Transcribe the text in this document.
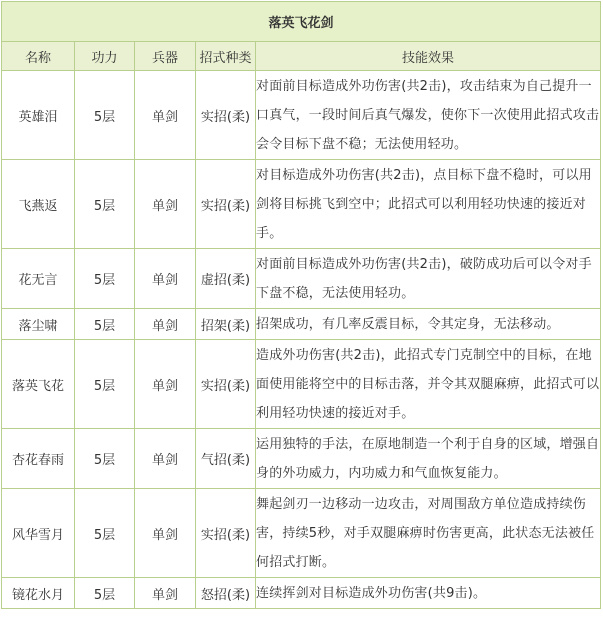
落英飞花剑				
名称	功力	兵器	招式种类	技能效果
英雄泪	5层	单剑	实招(柔)	对面前目标造成外功伤害(共2击)，攻击结束为自己提升一口真气，一段时间后真气爆发，使你下一次使用此招式攻击会令目标下盘不稳；无法使用轻功。
飞燕返	5层	单剑	实招(柔)	对目标造成外功伤害(共2击)，点目标下盘不稳时，可以用剑将目标挑飞到空中；此招式可以利用轻功快速的接近对手。
花无言	5层	单剑	虚招(柔)	对面前目标造成外功伤害(共2击)，破防成功后可以令对手下盘不稳，无法使用轻功。
落尘啸	5层	单剑	招架(柔)	招架成功，有几率反震目标，令其定身，无法移动。
落英飞花	5层	单剑	实招(柔)	造成外功伤害(共2击)，此招式专门克制空中的目标，在地面使用能将空中的目标击落，并令其双腿麻痹，此招式可以利用轻功快速的接近对手。
杏花春雨	5层	单剑	气招(柔)	运用独特的手法，在原地制造一个利于自身的区域，增强自身的外功威力，内功威力和气血恢复能力。
风华雪月	5层	单剑	实招(柔)	舞起剑刃一边移动一边攻击，对周围敌方单位造成持续伤害，持续5秒，对手双腿麻痹时伤害更高，此状态无法被任何招式打断。
镜花水月	5层	单剑	怒招(柔)	连续挥剑对目标造成外功伤害(共9击)。
